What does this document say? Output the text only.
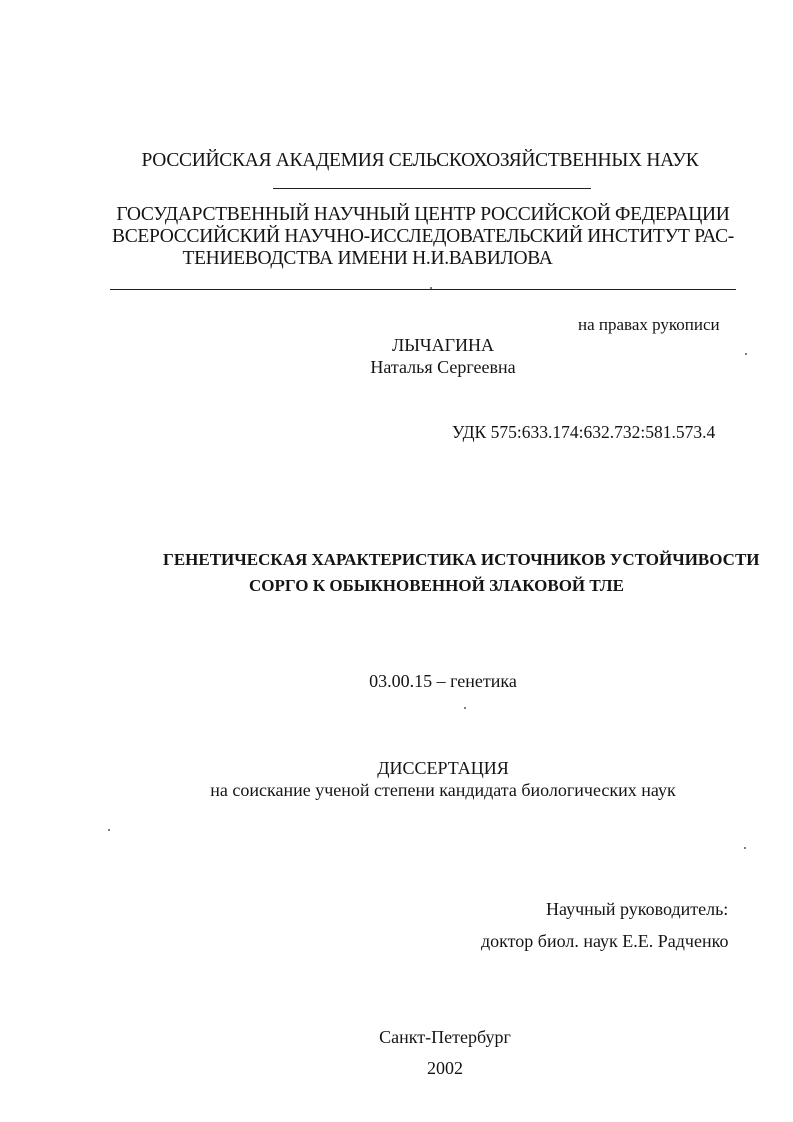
РОССИЙСКАЯ АКАДЕМИЯ СЕЛЬСКОХОЗЯЙСТВЕННЫХ НАУК
ГОСУДАРСТВЕННЫЙ НАУЧНЫЙ ЦЕНТР РОССИЙСКОЙ ФЕДЕРАЦИИ
ВСЕРОССИЙСКИЙ НАУЧНО-ИССЛЕДОВАТЕЛЬСКИЙ ИНСТИТУТ РАС-
ТЕНИЕВОДСТВА ИМЕНИ Н.И.ВАВИЛОВА
на правах рукописи
ЛЫЧАГИНА
Наталья Сергеевна
УДК 575:633.174:632.732:581.573.4
ГЕНЕТИЧЕСКАЯ ХАРАКТЕРИСТИКА ИСТОЧНИКОВ УСТОЙЧИВОСТИ
СОРГО К ОБЫКНОВЕННОЙ ЗЛАКОВОЙ ТЛЕ
03.00.15 – генетика
ДИССЕРТАЦИЯ
на соискание ученой степени кандидата биологических наук
Научный руководитель:
доктор биол. наук Е.Е. Радченко
Санкт-Петербург
2002
